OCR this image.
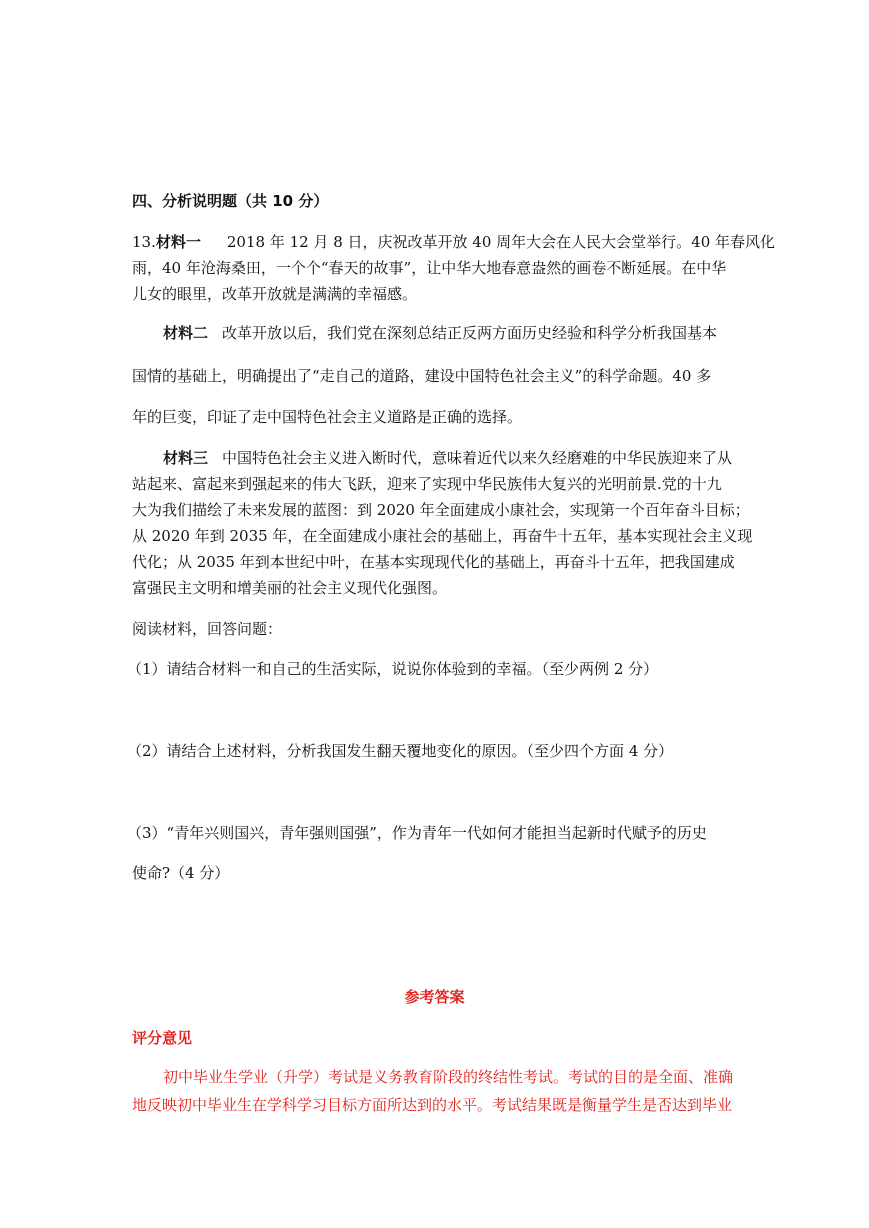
四、分析说明题（共 10 分）
13.材料一 2018 年 12 月 8 日，庆祝改革开放 40 周年大会在人民大会堂举行。40 年春风化
雨，40 年沧海桑田，一个个“春天的故事”，让中华大地春意盎然的画卷不断延展。在中华
儿女的眼里，改革开放就是满满的幸福感。
材料二 改革开放以后，我们党在深刻总结正反两方面历史经验和科学分析我国基本
国情的基础上，明确提出了“走自己的道路，建设中国特色社会主义”的科学命题。40 多
年的巨变，印证了走中国特色社会主义道路是正确的选择。
材料三 中国特色社会主义进入断时代，意味着近代以来久经磨难的中华民族迎来了从
站起来、富起来到强起来的伟大飞跃，迎来了实现中华民族伟大复兴的光明前景.党的十九
大为我们描绘了未来发展的蓝图：到 2020 年全面建成小康社会，实现第一个百年奋斗目标；
从 2020 年到 2035 年，在全面建成小康社会的基础上，再奋牛十五年，基本实现社会主义现
代化；从 2035 年到本世纪中叶，在基本实现现代化的基础上，再奋斗十五年，把我国建成
富强民主文明和增美丽的社会主义现代化强图。
阅读材料，回答问题：
（1）请结合材料一和自己的生活实际，说说你体验到的幸福。（至少两例 2 分）
（2）请结合上述材料，分析我国发生翻天覆地变化的原因。（至少四个方面 4 分）
（3）“青年兴则国兴，青年强则国强”，作为青年一代如何才能担当起新时代赋予的历史
使命?（4 分）
参考答案
评分意见
初中毕业生学业（升学）考试是义务教育阶段的终结性考试。考试的目的是全面、准确
地反映初中毕业生在学科学习目标方面所达到的水平。考试结果既是衡量学生是否达到毕业
